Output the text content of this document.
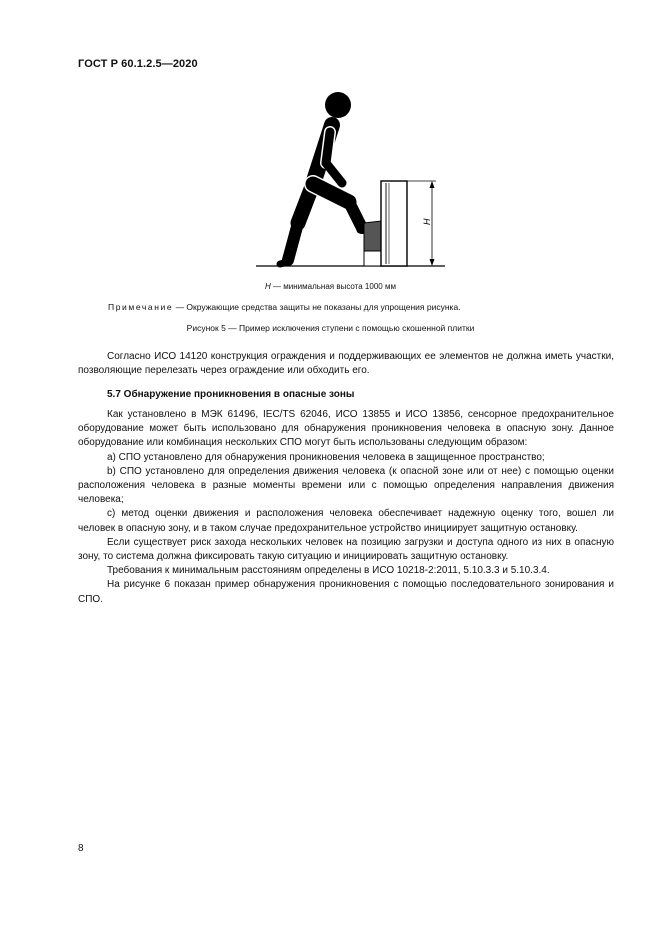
ГОСТ Р 60.1.2.5—2020
H
H — минимальная высота 1000 мм
Примечание — Окружающие средства защиты не показаны для упрощения рисунка.
Рисунок 5 — Пример исключения ступени с помощью скошенной плитки

Согласно ИСО 14120 конструкция ограждения и поддерживающих ее элементов не должна иметь участки, позволяющие перелезать через ограждение или обходить его.

5.7 Обнаружение проникновения в опасные зоны

Как установлено в МЭК 61496, IEC/TS 62046, ИСО 13855 и ИСО 13856, сенсорное предохранительное оборудование может быть использовано для обнаружения проникновения человека в опасную зону. Данное оборудование или комбинация нескольких СПО могут быть использованы следующим образом:

a) СПО установлено для обнаружения проникновения человека в защищенное пространство;

b) СПО установлено для определения движения человека (к опасной зоне или от нее) с помощью оценки расположения человека в разные моменты времени или с помощью определения направления движения человека;

c) метод оценки движения и расположения человека обеспечивает надежную оценку того, вошел ли человек в опасную зону, и в таком случае предохранительное устройство инициирует защитную остановку.

Если существует риск захода нескольких человек на позицию загрузки и доступа одного из них в опасную зону, то система должна фиксировать такую ситуацию и инициировать защитную остановку.

Требования к минимальным расстояниям определены в ИСО 10218-2:2011, 5.10.3.3 и 5.10.3.4.

На рисунке 6 показан пример обнаружения проникновения с помощью последовательного зонирования и СПО.

8
